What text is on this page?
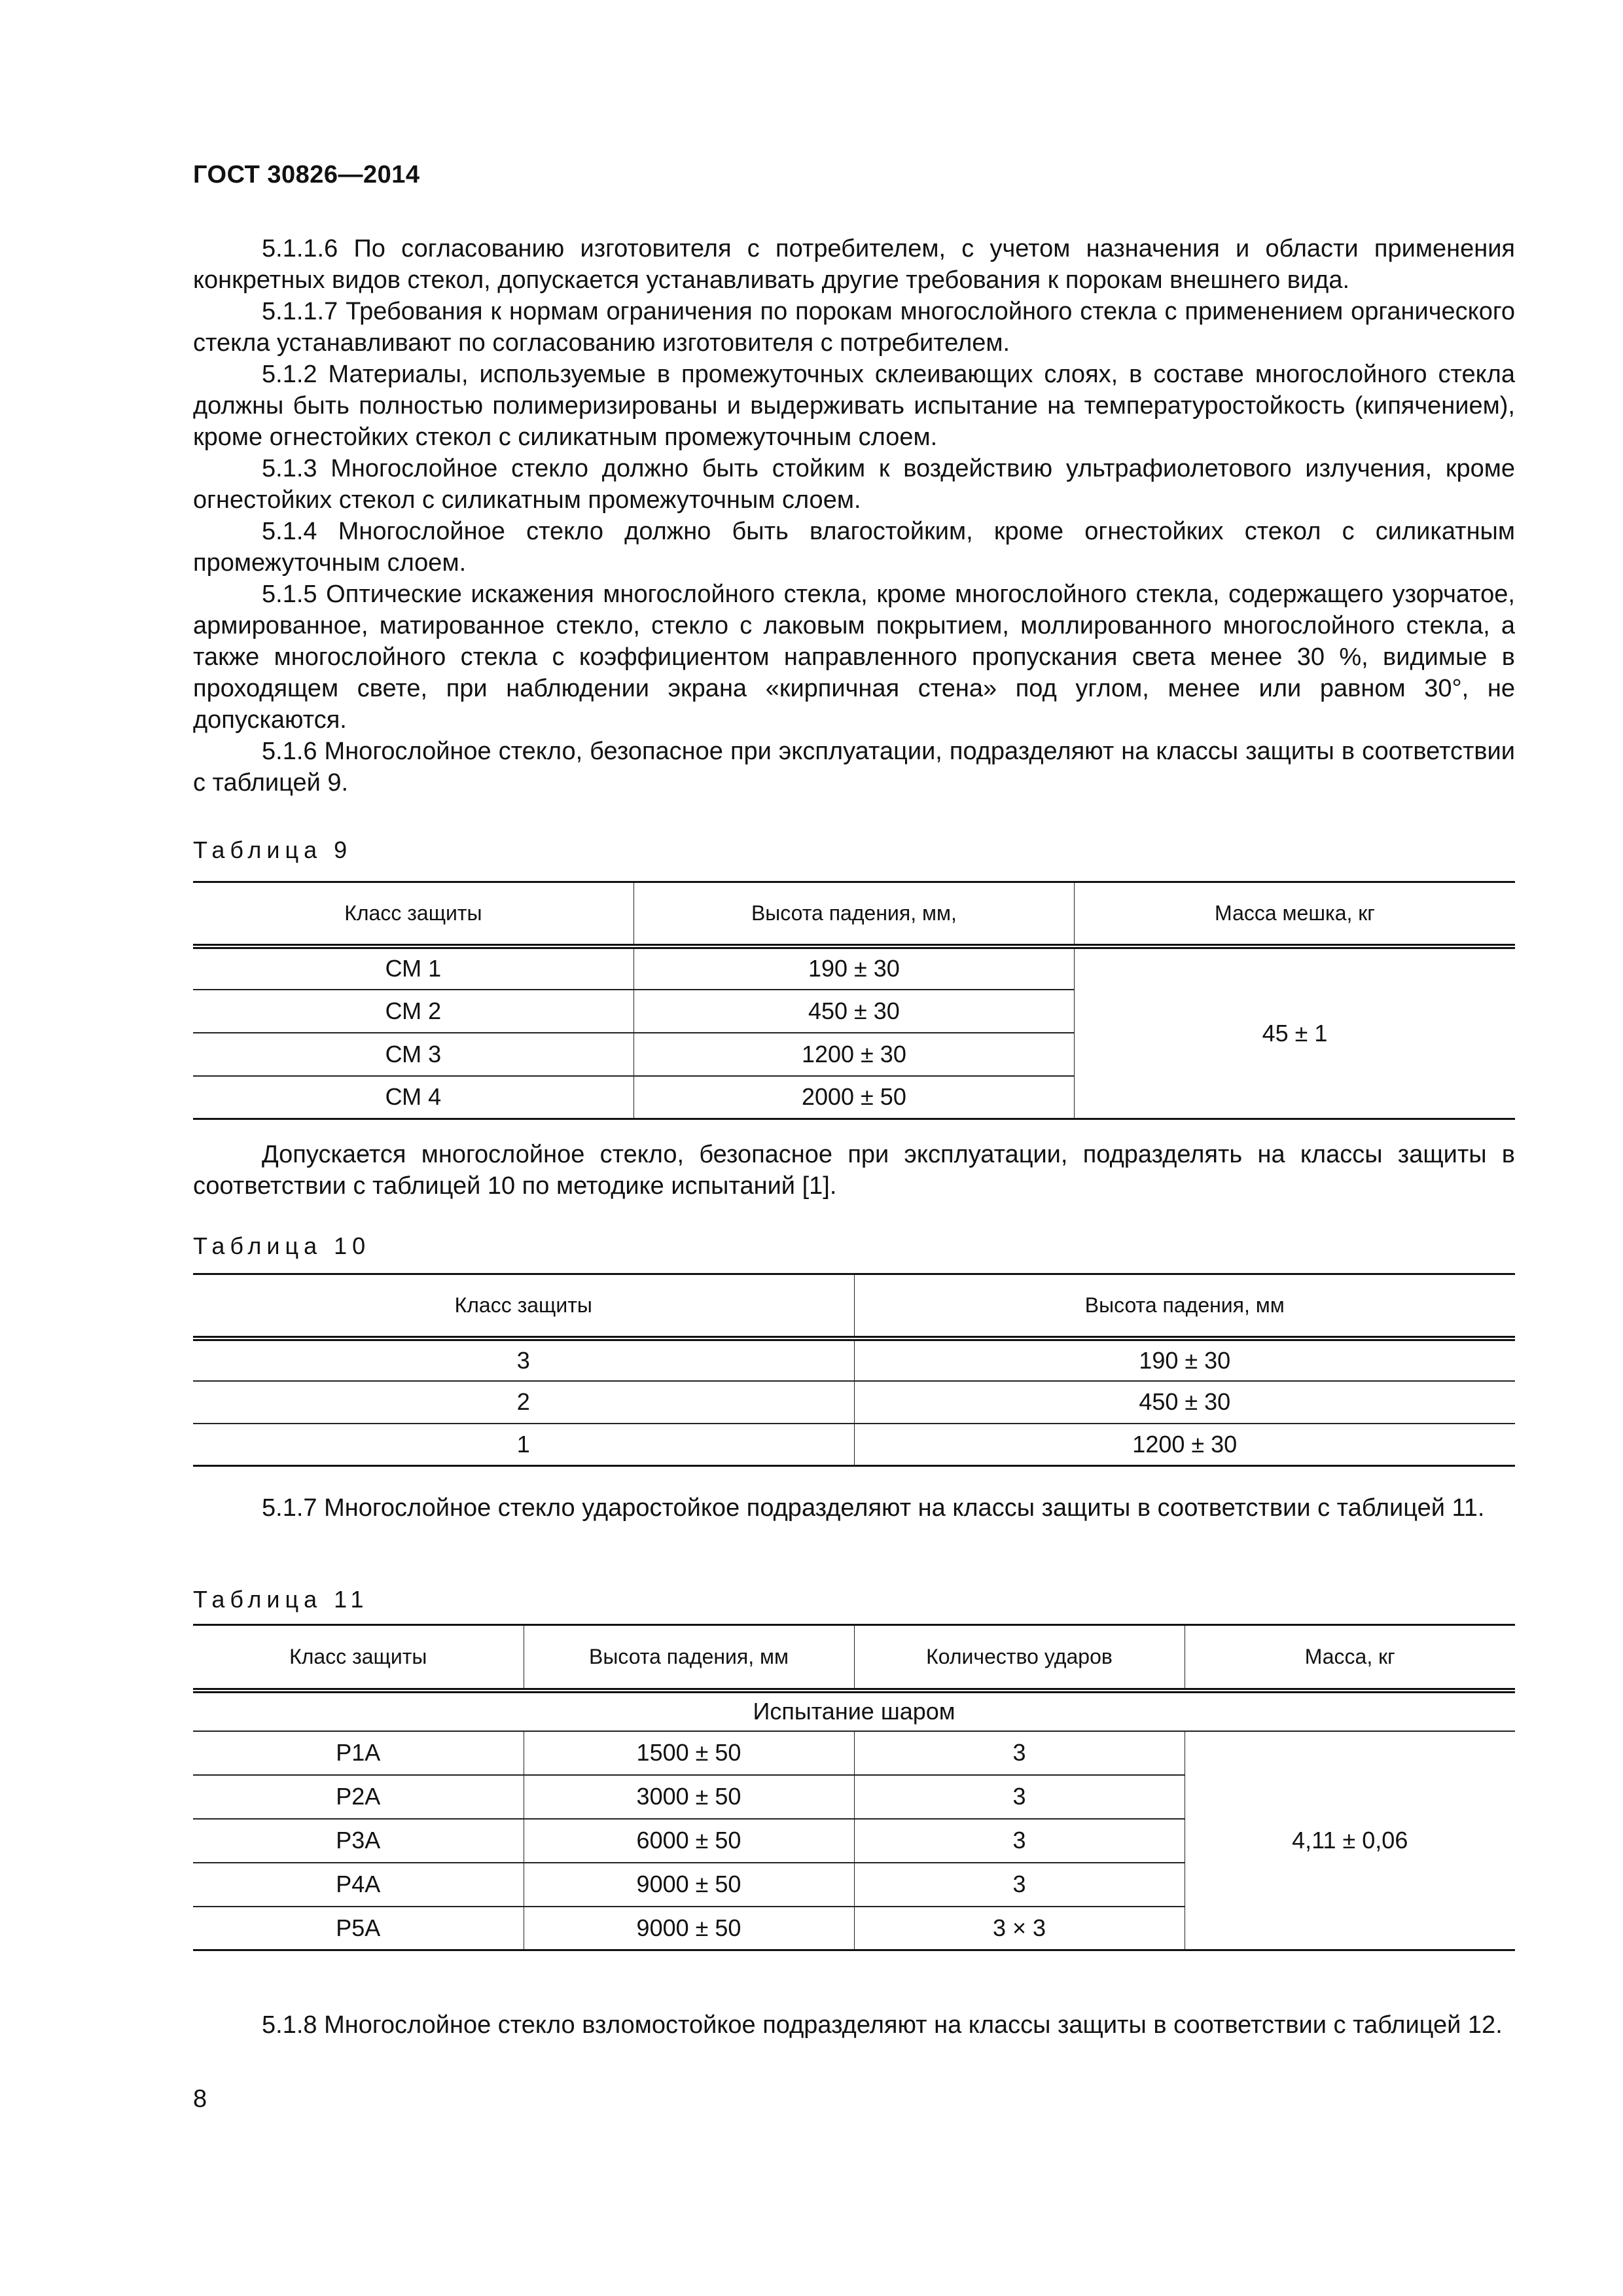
ГОСТ 30826—2014

5.1.1.6 По согласованию изготовителя с потребителем, с учетом назначения и области применения конкретных видов стекол, допускается устанавливать другие требования к порокам внешнего вида.

5.1.1.7 Требования к нормам ограничения по порокам многослойного стекла с применением органического стекла устанавливают по согласованию изготовителя с потребителем.

5.1.2 Материалы, используемые в промежуточных склеивающих слоях, в составе многослойного стекла должны быть полностью полимеризированы и выдерживать испытание на температуростойкость (кипячением), кроме огнестойких стекол с силикатным промежуточным слоем.

5.1.3 Многослойное стекло должно быть стойким к воздействию ультрафиолетового излучения, кроме огнестойких стекол с силикатным промежуточным слоем.

5.1.4 Многослойное стекло должно быть влагостойким, кроме огнестойких стекол с силикатным промежуточным слоем.

5.1.5 Оптические искажения многослойного стекла, кроме многослойного стекла, содержащего узорчатое, армированное, матированное стекло, стекло с лаковым покрытием, моллированного многослойного стекла, а также многослойного стекла с коэффициентом направленного пропускания света менее 30 %, видимые в проходящем свете, при наблюдении экрана «кирпичная стена» под углом, менее или равном 30°, не допускаются.

5.1.6 Многослойное стекло, безопасное при эксплуатации, подразделяют на классы защиты в соответствии с таблицей 9.

Таблица 9
Класс защиты	Высота падения, мм,	Масса мешка, кг
СМ 1	190 ± 30	45 ± 1
СМ 2	450 ± 30	
СМ 3	1200 ± 30	
СМ 4	2000 ± 50	

Допускается многослойное стекло, безопасное при эксплуатации, подразделять на классы защиты в соответствии с таблицей 10 по методике испытаний [1].

Таблица 10
Класс защиты	Высота падения, мм
3	190 ± 30
2	450 ± 30
1	1200 ± 30

5.1.7 Многослойное стекло ударостойкое подразделяют на классы защиты в соответствии с таблицей 11.

Таблица 11
Класс защиты	Высота падения, мм	Количество ударов	Масса, кг
Испытание шаром			
Р1А	1500 ± 50	3	4,11 ± 0,06
Р2А	3000 ± 50	3	
Р3А	6000 ± 50	3	
Р4А	9000 ± 50	3	
Р5А	9000 ± 50	3 × 3	

5.1.8 Многослойное стекло взломостойкое подразделяют на классы защиты в соответствии с таблицей 12.

8
